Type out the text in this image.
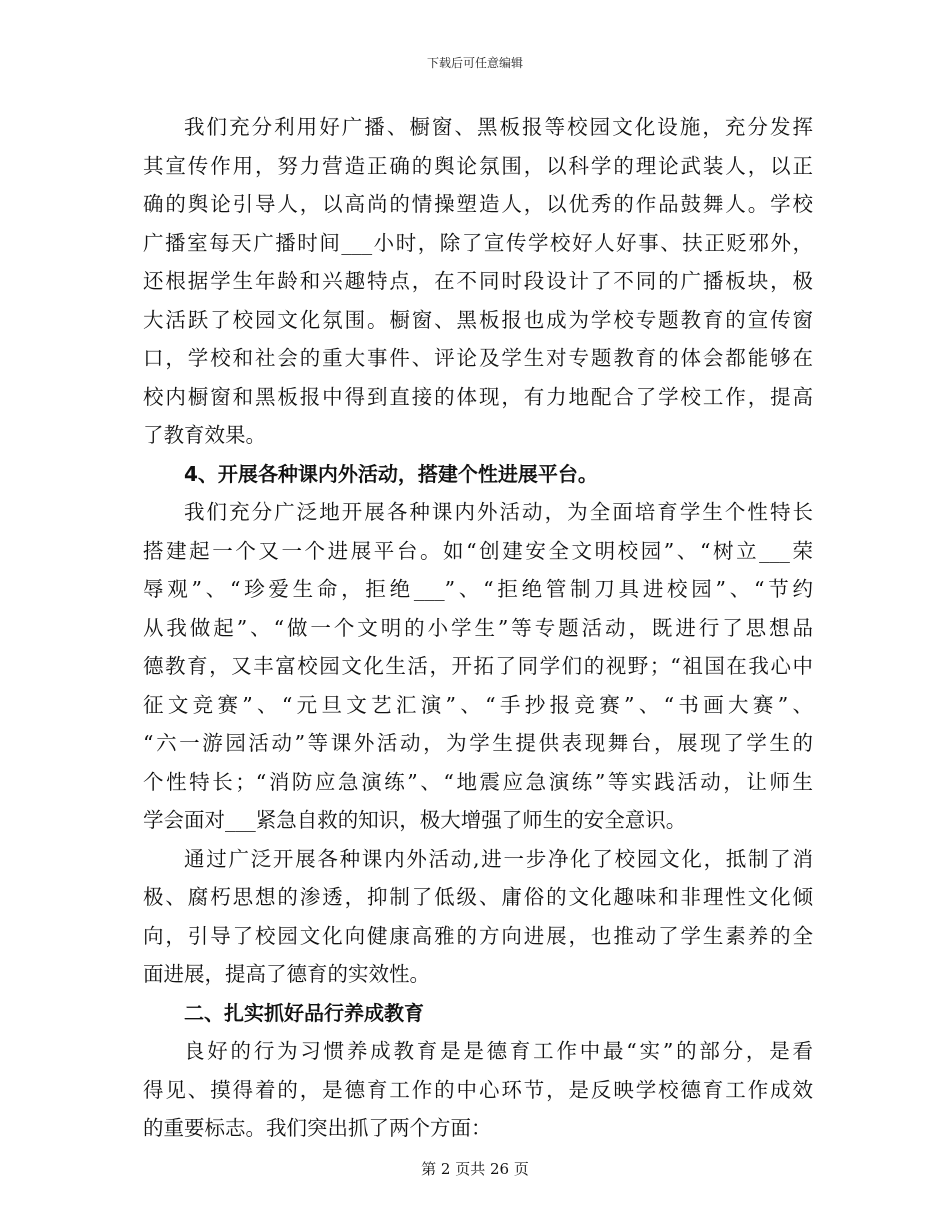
下载后可任意编辑
我们充分利用好广播、橱窗、黑板报等校园文化设施，充分发挥
其宣传作用，努力营造正确的舆论氛围，以科学的理论武装人，以正
确的舆论引导人，以高尚的情操塑造人，以优秀的作品鼓舞人。学校
广播室每天广播时间___小时，除了宣传学校好人好事、扶正贬邪外，
还根据学生年龄和兴趣特点，在不同时段设计了不同的广播板块，极
大活跃了校园文化氛围。橱窗、黑板报也成为学校专题教育的宣传窗
口，学校和社会的重大事件、评论及学生对专题教育的体会都能够在
校内橱窗和黑板报中得到直接的体现，有力地配合了学校工作，提高
了教育效果。
4、开展各种课内外活动，搭建个性进展平台。
我们充分广泛地开展各种课内外活动，为全面培育学生个性特长
搭建起一个又一个进展平台。如“创建安全文明校园”、“树立___荣
辱观”、“珍爱生命，拒绝___”、“拒绝管制刀具进校园”、“节约
从我做起”、“做一个文明的小学生”等专题活动，既进行了思想品
德教育，又丰富校园文化生活，开拓了同学们的视野；“祖国在我心中
征文竞赛”、“元旦文艺汇演”、“手抄报竞赛”、“书画大赛”、
“六一游园活动”等课外活动，为学生提供表现舞台，展现了学生的
个性特长；“消防应急演练”、“地震应急演练”等实践活动，让师生
学会面对___紧急自救的知识，极大增强了师生的安全意识。
通过广泛开展各种课内外活动,进一步净化了校园文化，抵制了消
极、腐朽思想的渗透，抑制了低级、庸俗的文化趣味和非理性文化倾
向，引导了校园文化向健康高雅的方向进展，也推动了学生素养的全
面进展，提高了德育的实效性。
二、扎实抓好品行养成教育
良好的行为习惯养成教育是是德育工作中最“实”的部分，是看
得见、摸得着的，是德育工作的中心环节，是反映学校德育工作成效
的重要标志。我们突出抓了两个方面：
第 2 页共 26 页
